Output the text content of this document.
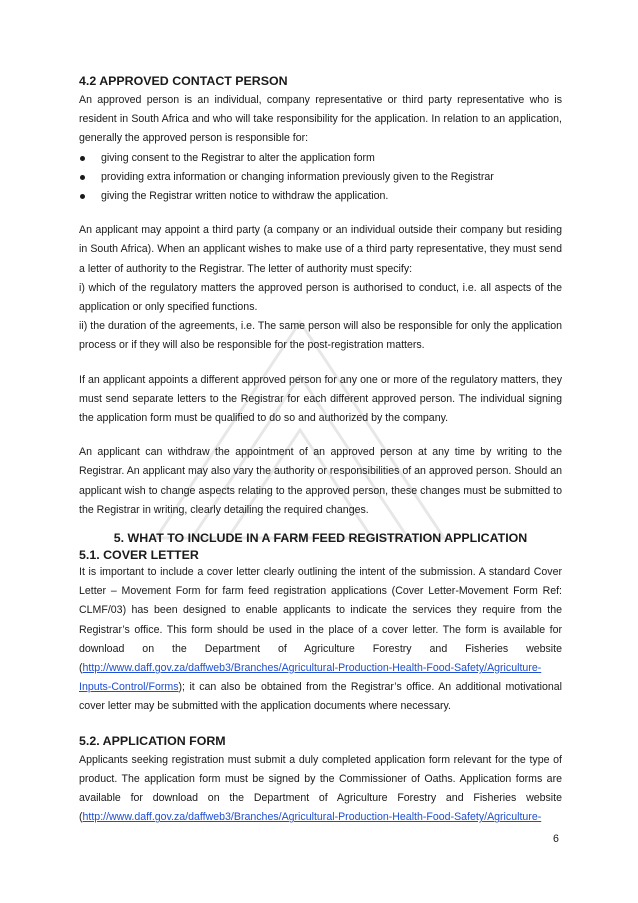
4.2 APPROVED CONTACT PERSON

An approved person is an individual, company representative or third party representative who is resident in South Africa and who will take responsibility for the application. In relation to an application, generally the approved person is responsible for:

giving consent to the Registrar to alter the application form
providing extra information or changing information previously given to the Registrar
giving the Registrar written notice to withdraw the application.

An applicant may appoint a third party (a company or an individual outside their company but residing in South Africa). When an applicant wishes to make use of a third party representative, they must send a letter of authority to the Registrar. The letter of authority must specify:

i) which of the regulatory matters the approved person is authorised to conduct, i.e. all aspects of the application or only specified functions.

ii) the duration of the agreements, i.e. The same person will also be responsible for only the application process or if they will also be responsible for the post-registration matters.

If an applicant appoints a different approved person for any one or more of the regulatory matters, they must send separate letters to the Registrar for each different approved person. The individual signing the application form must be qualified to do so and authorized by the company.

An applicant can withdraw the appointment of an approved person at any time by writing to the Registrar. An applicant may also vary the authority or responsibilities of an approved person. Should an applicant wish to change aspects relating to the approved person, these changes must be submitted to the Registrar in writing, clearly detailing the required changes.

5. WHAT TO INCLUDE IN A FARM FEED REGISTRATION APPLICATION
5.1. COVER LETTER

It is important to include a cover letter clearly outlining the intent of the submission. A standard Cover Letter – Movement Form for farm feed registration applications (Cover Letter-Movement Form Ref: CLMF/03) has been designed to enable applicants to indicate the services they require from the Registrar’s office. This form should be used in the place of a cover letter. The form is available for download on the Department of Agriculture Forestry and Fisheries website (http://www.daff.gov.za/daffweb3/Branches/Agricultural-Production-Health-Food-Safety/Agriculture-Inputs-Control/Forms); it can also be obtained from the Registrar’s office. An additional motivational cover letter may be submitted with the application documents where necessary.

5.2. APPLICATION FORM

Applicants seeking registration must submit a duly completed application form relevant for the type of product. The application form must be signed by the Commissioner of Oaths. Application forms are available for download on the Department of Agriculture Forestry and Fisheries website (http://www.daff.gov.za/daffweb3/Branches/Agricultural-Production-Health-Food-Safety/Agriculture-

6
